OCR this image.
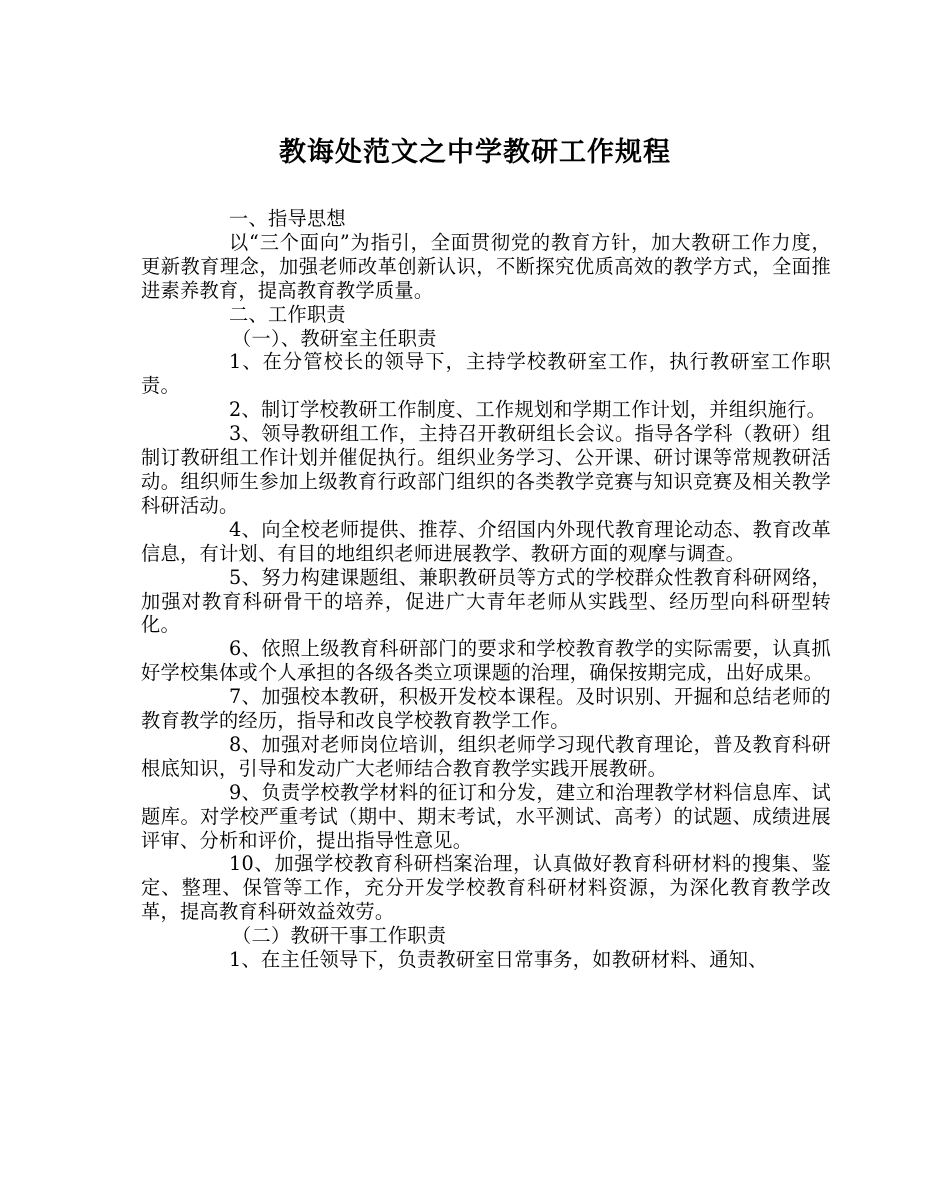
教诲处范文之中学教研工作规程

一、指导思想

以“三个面向”为指引，全面贯彻党的教育方针，加大教研工作力度，更新教育理念，加强老师改革创新认识，不断探究优质高效的教学方式，全面推进素养教育，提高教育教学质量。

二、工作职责

（一）、教研室主任职责

1、在分管校长的领导下，主持学校教研室工作，执行教研室工作职责。

2、制订学校教研工作制度、工作规划和学期工作计划，并组织施行。

3、领导教研组工作，主持召开教研组长会议。指导各学科（教研）组制订教研组工作计划并催促执行。组织业务学习、公开课、研讨课等常规教研活动。组织师生参加上级教育行政部门组织的各类教学竞赛与知识竞赛及相关教学科研活动。

4、向全校老师提供、推荐、介绍国内外现代教育理论动态、教育改革信息，有计划、有目的地组织老师进展教学、教研方面的观摩与调查。

5、努力构建课题组、兼职教研员等方式的学校群众性教育科研网络，加强对教育科研骨干的培养，促进广大青年老师从实践型、经历型向科研型转化。

6、依照上级教育科研部门的要求和学校教育教学的实际需要，认真抓好学校集体或个人承担的各级各类立项课题的治理，确保按期完成，出好成果。

7、加强校本教研，积极开发校本课程。及时识别、开掘和总结老师的教育教学的经历，指导和改良学校教育教学工作。

8、加强对老师岗位培训，组织老师学习现代教育理论，普及教育科研根底知识，引导和发动广大老师结合教育教学实践开展教研。

9、负责学校教学材料的征订和分发，建立和治理教学材料信息库、试题库。对学校严重考试（期中、期末考试，水平测试、高考）的试题、成绩进展评审、分析和评价，提出指导性意见。

10、加强学校教育科研档案治理，认真做好教育科研材料的搜集、鉴定、整理、保管等工作，充分开发学校教育科研材料资源，为深化教育教学改革，提高教育科研效益效劳。

（二）教研干事工作职责

1、在主任领导下，负责教研室日常事务，如教研材料、通知、
